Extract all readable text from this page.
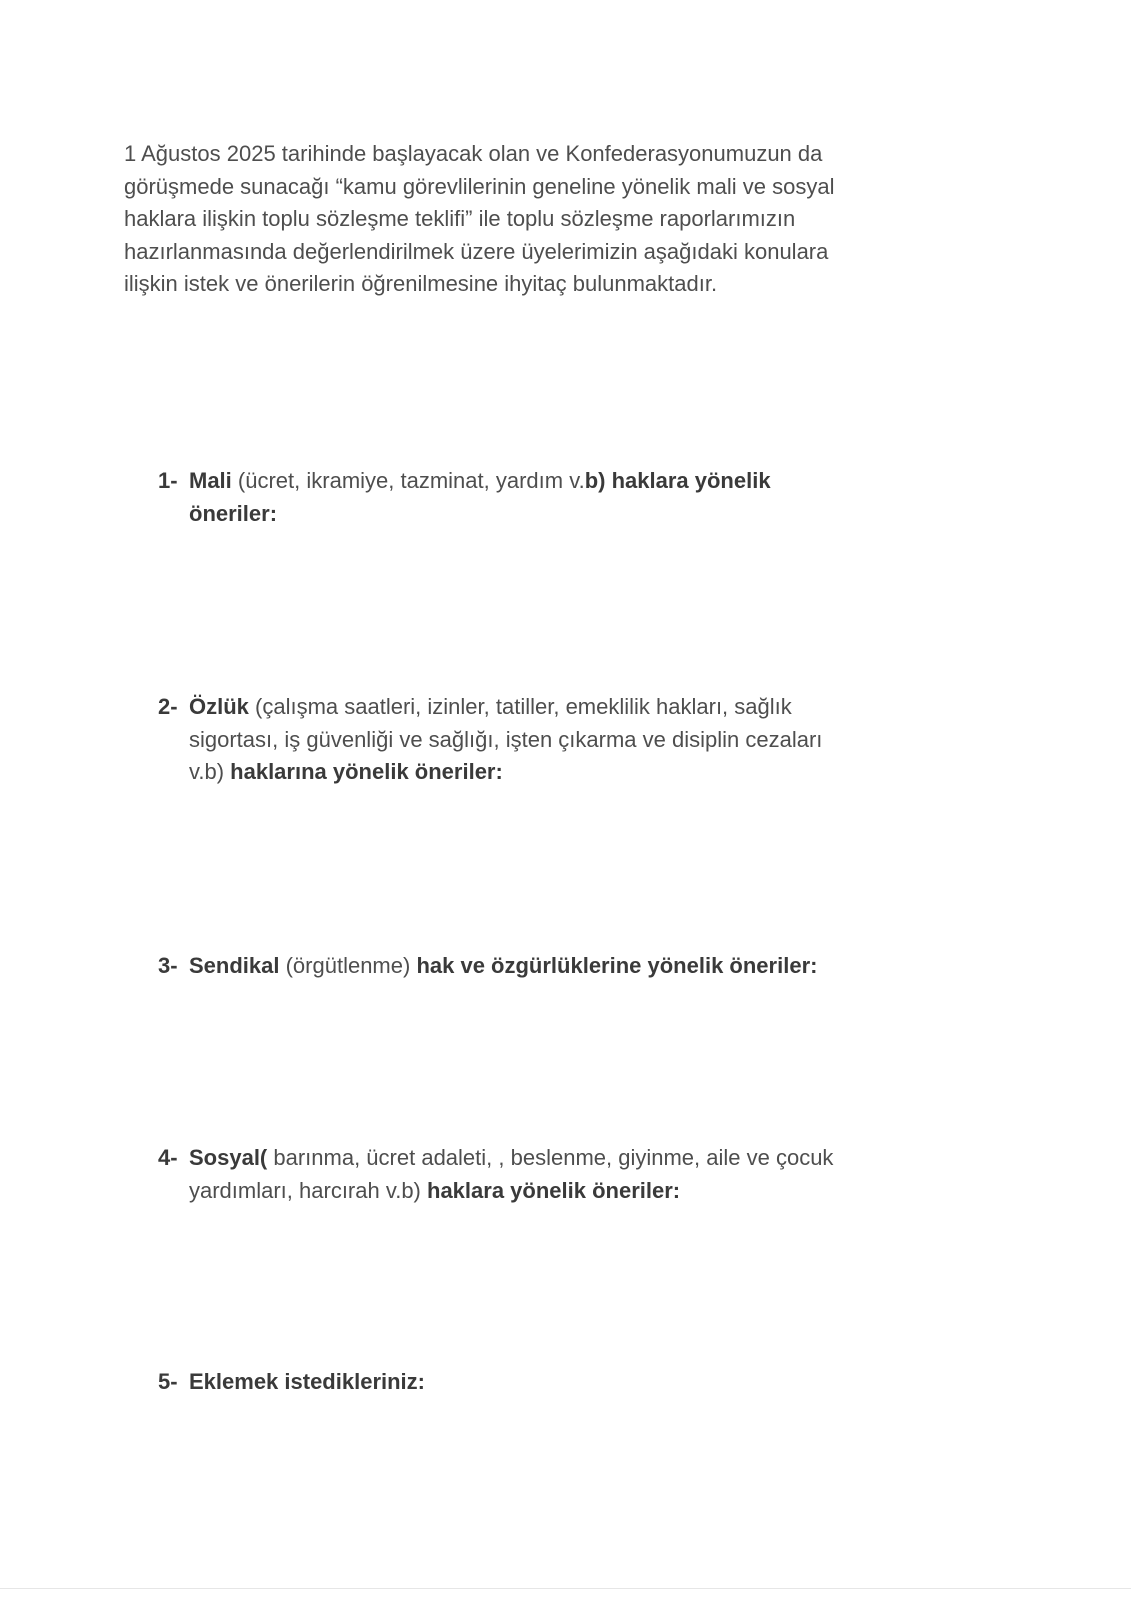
1 Ağustos 2025 tarihinde başlayacak olan ve Konfederasyonumuzun da
görüşmede sunacağı “kamu görevlilerinin geneline yönelik mali ve sosyal
haklara ilişkin toplu sözleşme teklifi” ile toplu sözleşme raporlarımızın
hazırlanmasında değerlendirilmek üzere üyelerimizin aşağıdaki konulara
ilişkin istek ve önerilerin öğrenilmesine ihyitaç bulunmaktadır.
1- Mali (ücret, ikramiye, tazminat, yardım v.b) haklara yönelik
öneriler:
2- Özlük (çalışma saatleri, izinler, tatiller, emeklilik hakları, sağlık
sigortası, iş güvenliği ve sağlığı, işten çıkarma ve disiplin cezaları
v.b) haklarına yönelik öneriler:
3- Sendikal (örgütlenme) hak ve özgürlüklerine yönelik öneriler:
4- Sosyal( barınma, ücret adaleti, , beslenme, giyinme, aile ve çocuk
yardımları, harcırah v.b) haklara yönelik öneriler:
5- Eklemek istedikleriniz:
